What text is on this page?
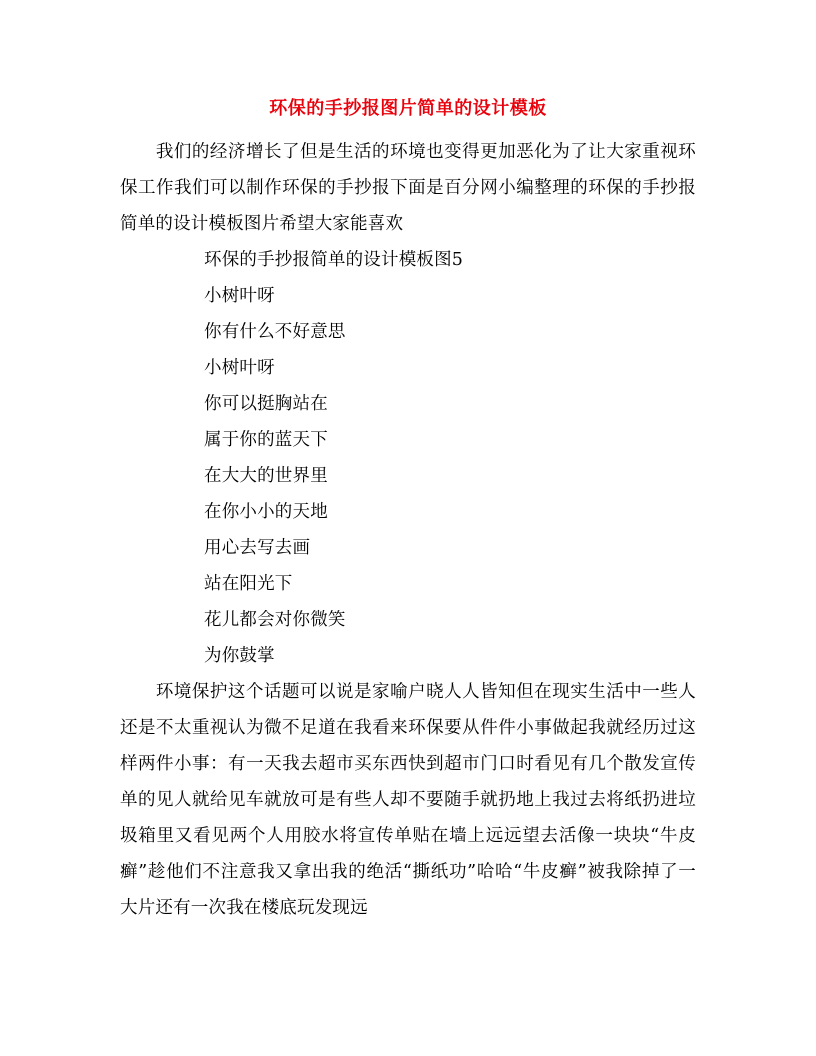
环保的手抄报图片简单的设计模板

我们的经济增长了但是生活的环境也变得更加恶化为了让大家重视环保工作我们可以制作环保的手抄报下面是百分网小编整理的环保的手抄报简单的设计模板图片希望大家能喜欢

环保的手抄报简单的设计模板图5

小树叶呀

你有什么不好意思

小树叶呀

你可以挺胸站在

属于你的蓝天下

在大大的世界里

在你小小的天地

用心去写去画

站在阳光下

花儿都会对你微笑

为你鼓掌

环境保护这个话题可以说是家喻户晓人人皆知但在现实生活中一些人还是不太重视认为微不足道在我看来环保要从件件小事做起我就经历过这样两件小事：有一天我去超市买东西快到超市门口时看见有几个散发宣传单的见人就给见车就放可是有些人却不要随手就扔地上我过去将纸扔进垃圾箱里又看见两个人用胶水将宣传单贴在墙上远远望去活像一块块“牛皮癣”趁他们不注意我又拿出我的绝活“撕纸功”哈哈“牛皮癣”被我除掉了一大片还有一次我在楼底玩发现远
